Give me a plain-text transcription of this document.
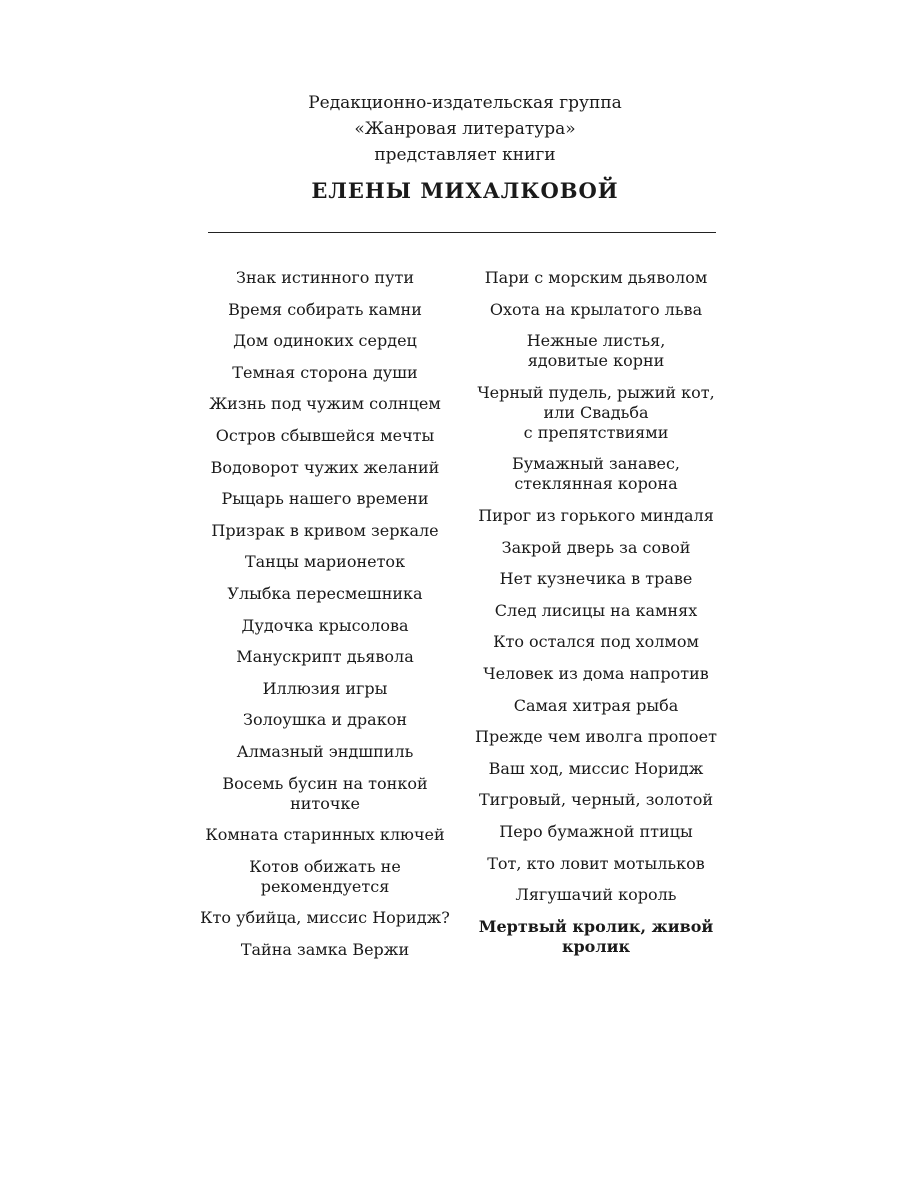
Редакционно-издательская группа
«Жанровая литература»
представляет книги
ЕЛЕНЫ МИХАЛКОВОЙ
Знак истинного пути
Время собирать камни
Дом одиноких сердец
Темная сторона души
Жизнь под чужим солнцем
Остров сбывшейся мечты
Водоворот чужих желаний
Рыцарь нашего времени
Призрак в кривом зеркале
Танцы марионеток
Улыбка пересмешника
Дудочка крысолова
Манускрипт дьявола
Иллюзия игры
Золоушка и дракон
Алмазный эндшпиль
Восемь бусин на тонкой
ниточке
Комната старинных ключей
Котов обижать не
рекомендуется
Кто убийца, миссис Норидж?
Тайна замка Вержи
Пари с морским дьяволом
Охота на крылатого льва
Нежные листья,
ядовитые корни
Черный пудель, рыжий кот,
или Свадьба
с препятствиями
Бумажный занавес,
стеклянная корона
Пирог из горького миндаля
Закрой дверь за совой
Нет кузнечика в траве
След лисицы на камнях
Кто остался под холмом
Человек из дома напротив
Самая хитрая рыба
Прежде чем иволга пропоет
Ваш ход, миссис Норидж
Тигровый, черный, золотой
Перо бумажной птицы
Тот, кто ловит мотыльков
Лягушачий король
Мертвый кролик, живой
кролик
